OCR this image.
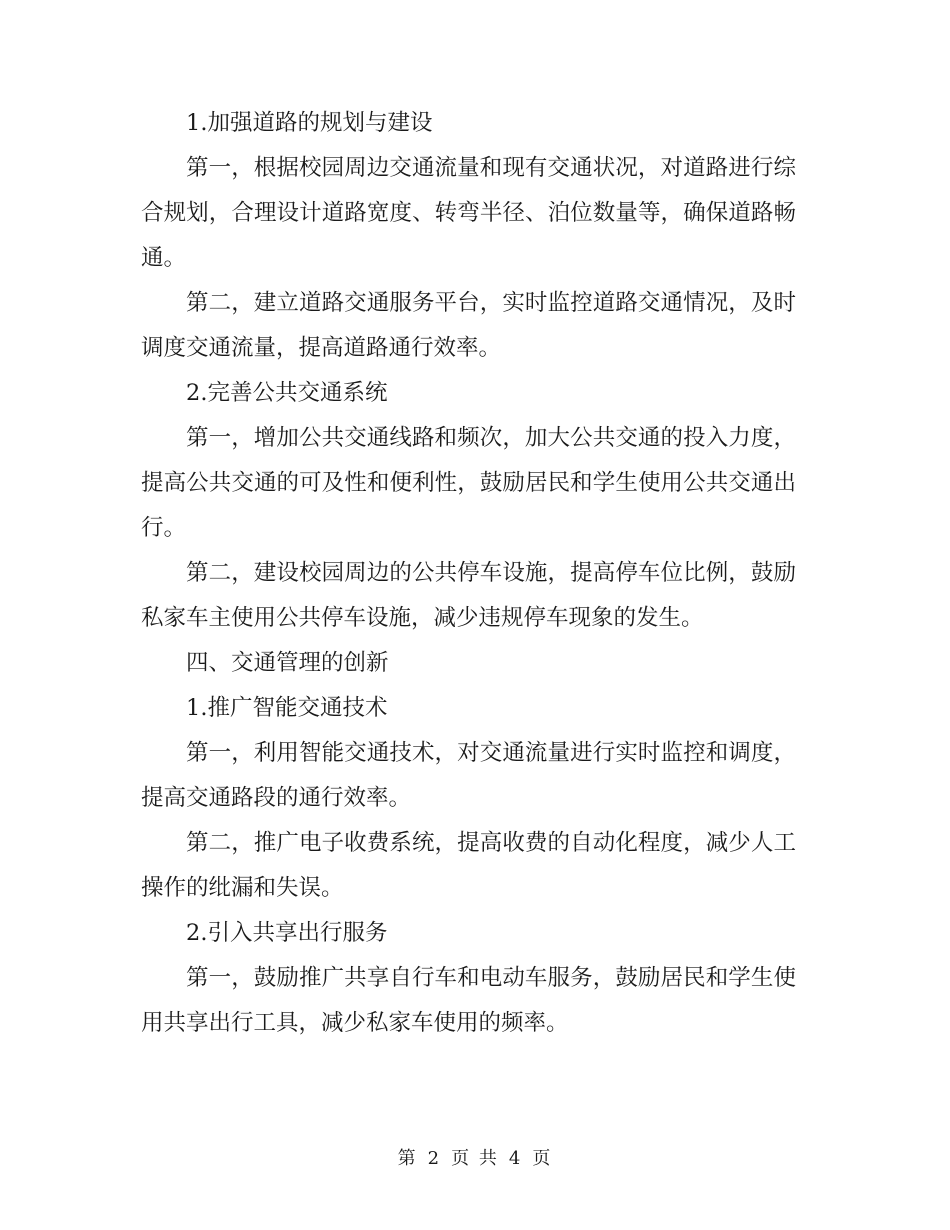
1.加强道路的规划与建设

第一，根据校园周边交通流量和现有交通状况，对道路进行综合规划，合理设计道路宽度、转弯半径、泊位数量等，确保道路畅通。

第二，建立道路交通服务平台，实时监控道路交通情况，及时调度交通流量，提高道路通行效率。

2.完善公共交通系统

第一，增加公共交通线路和频次，加大公共交通的投入力度，提高公共交通的可及性和便利性，鼓励居民和学生使用公共交通出行。

第二，建设校园周边的公共停车设施，提高停车位比例，鼓励私家车主使用公共停车设施，减少违规停车现象的发生。

四、交通管理的创新

1.推广智能交通技术

第一，利用智能交通技术，对交通流量进行实时监控和调度，提高交通路段的通行效率。

第二，推广电子收费系统，提高收费的自动化程度，减少人工操作的纰漏和失误。

2.引入共享出行服务

第一，鼓励推广共享自行车和电动车服务，鼓励居民和学生使用共享出行工具，减少私家车使用的频率。

第 2 页 共 4 页
